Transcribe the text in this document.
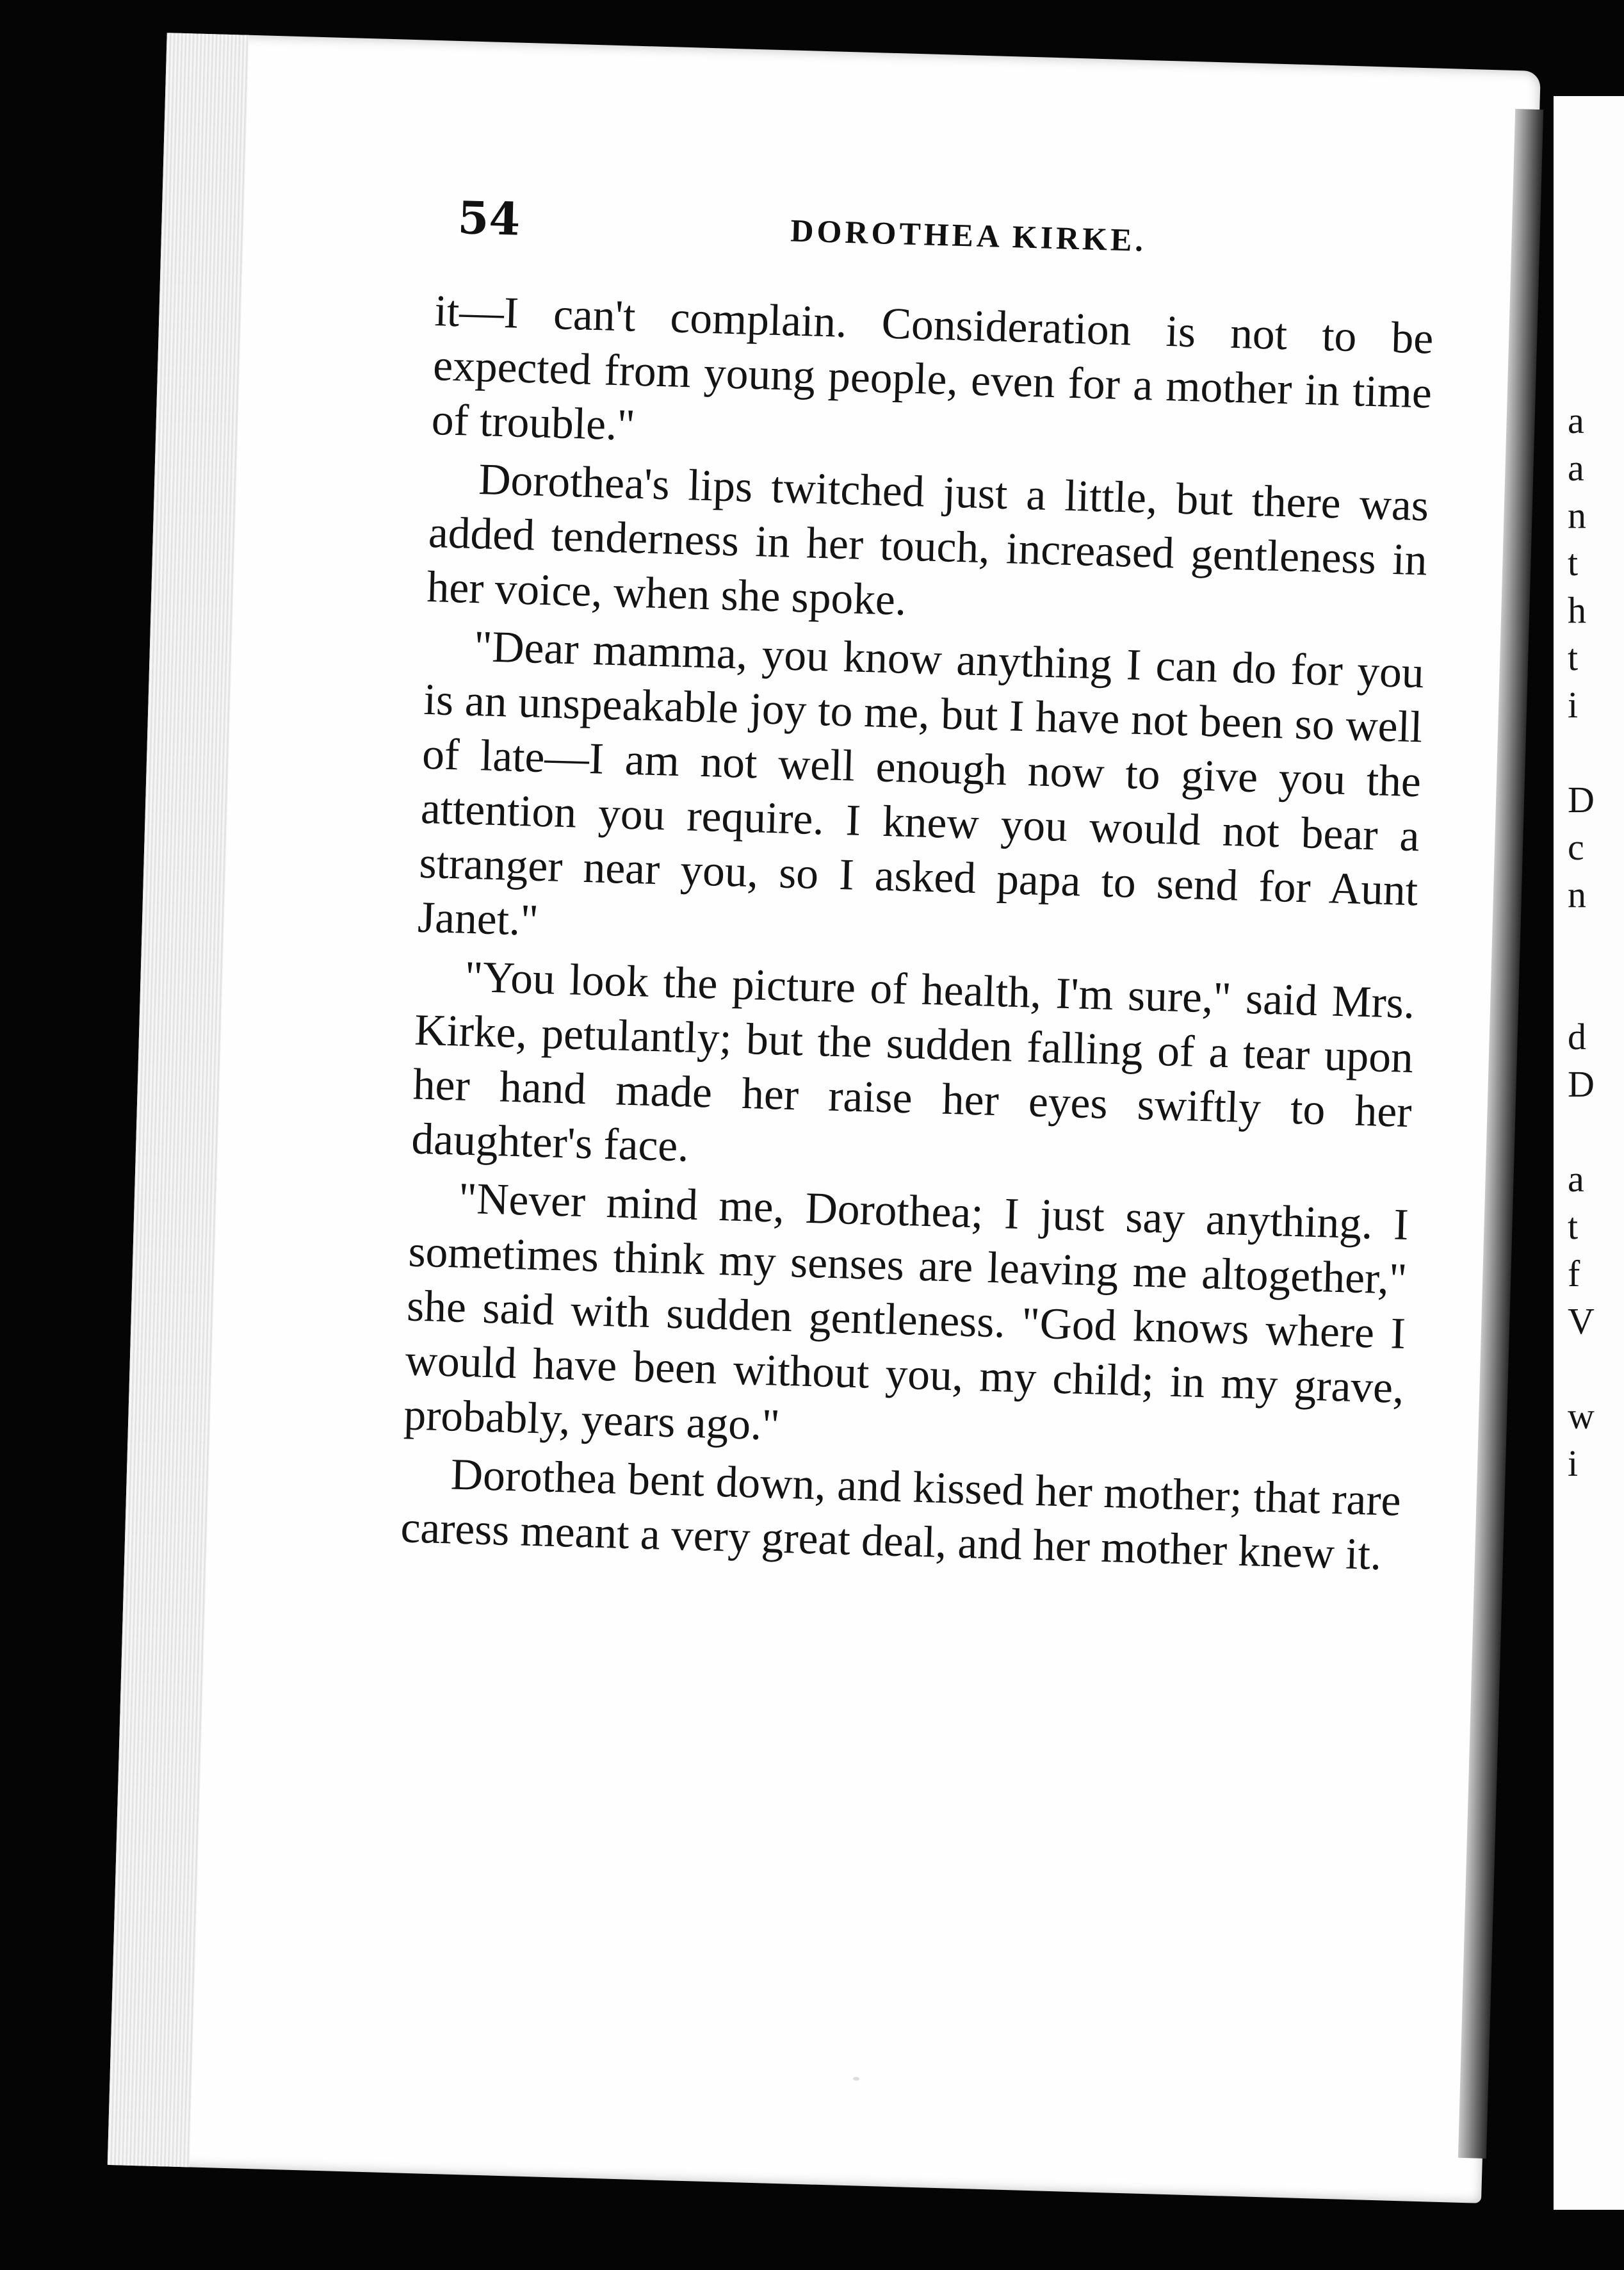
54	DOROTHEA KIRKE.

it—I can't complain. Consideration is not to be expected from young people, even for a mother in time of trouble."

Dorothea's lips twitched just a little, but there was added tenderness in her touch, increased gentleness in her voice, when she spoke.

"Dear mamma, you know anything I can do for you is an unspeakable joy to me, but I have not been so well of late—I am not well enough now to give you the attention you require. I knew you would not bear a stranger near you, so I asked papa to send for Aunt Janet."

"You look the picture of health, I'm sure," said Mrs. Kirke, petulantly; but the sudden falling of a tear upon her hand made her raise her eyes swiftly to her daughter's face.

"Never mind me, Dorothea; I just say anything. I sometimes think my senses are leaving me altogether," she said with sudden gentleness. "God knows where I would have been without you, my child; in my grave, probably, years ago."

Dorothea bent down, and kissed her mother; that rare caress meant a very great deal, and her mother knew it.

a
a
n
t
h
t
i
D
c
n
d
D
a
t
f
V
w
i
